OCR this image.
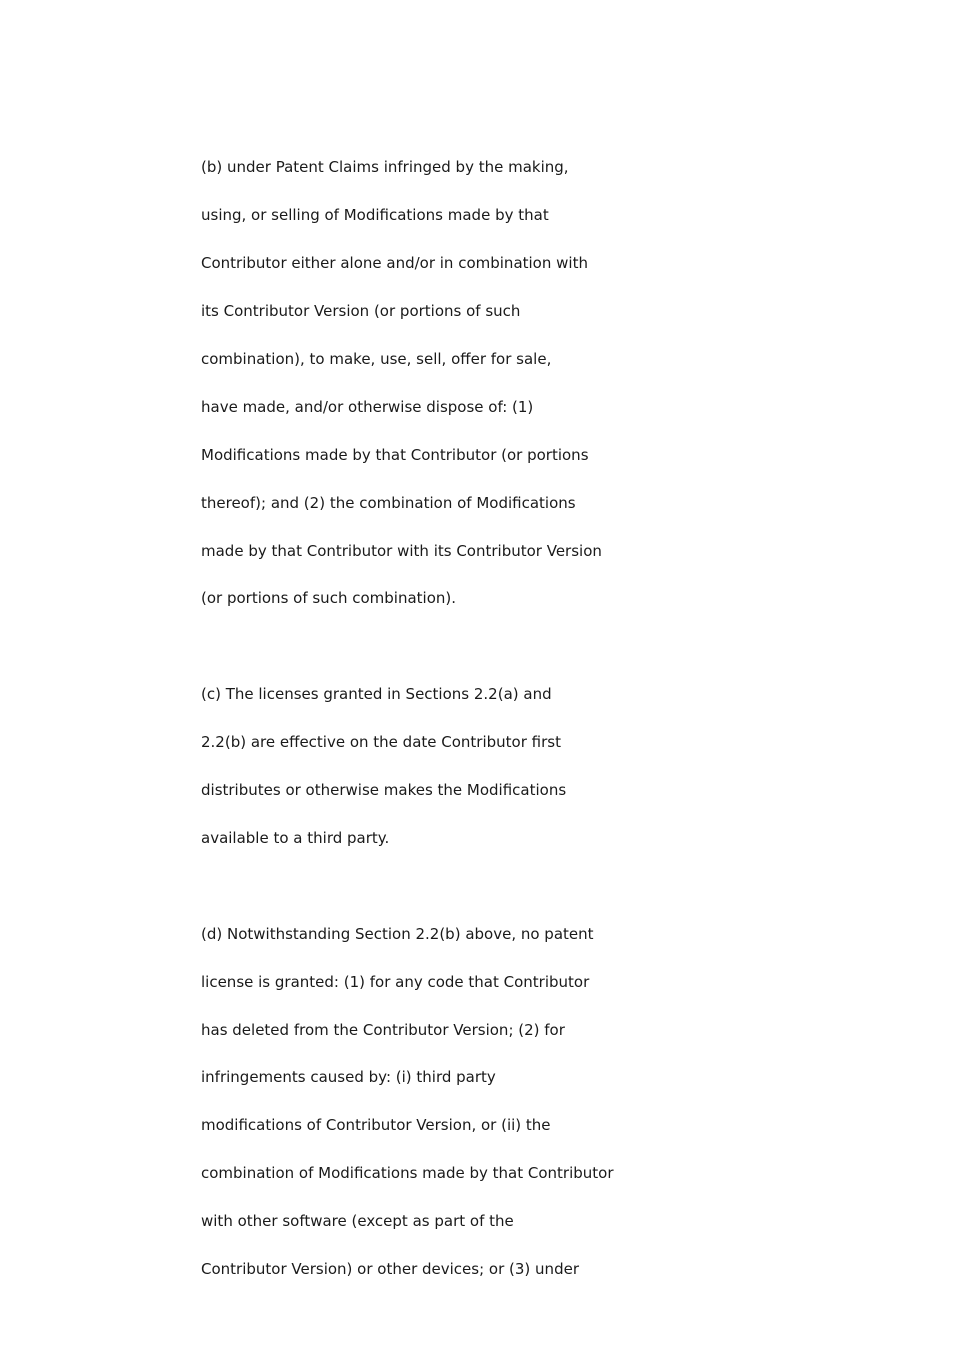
(b) under Patent Claims infringed by the making,
using, or selling of Modifications made by that
Contributor either alone and/or in combination with
its Contributor Version (or portions of such
combination), to make, use, sell, offer for sale,
have made, and/or otherwise dispose of: (1)
Modifications made by that Contributor (or portions
thereof); and (2) the combination of Modifications
made by that Contributor with its Contributor Version
(or portions of such combination).
(c) The licenses granted in Sections 2.2(a) and
2.2(b) are effective on the date Contributor first
distributes or otherwise makes the Modifications
available to a third party.
(d) Notwithstanding Section 2.2(b) above, no patent
license is granted: (1) for any code that Contributor
has deleted from the Contributor Version; (2) for
infringements caused by: (i) third party
modifications of Contributor Version, or (ii) the
combination of Modifications made by that Contributor
with other software (except as part of the
Contributor Version) or other devices; or (3) under
